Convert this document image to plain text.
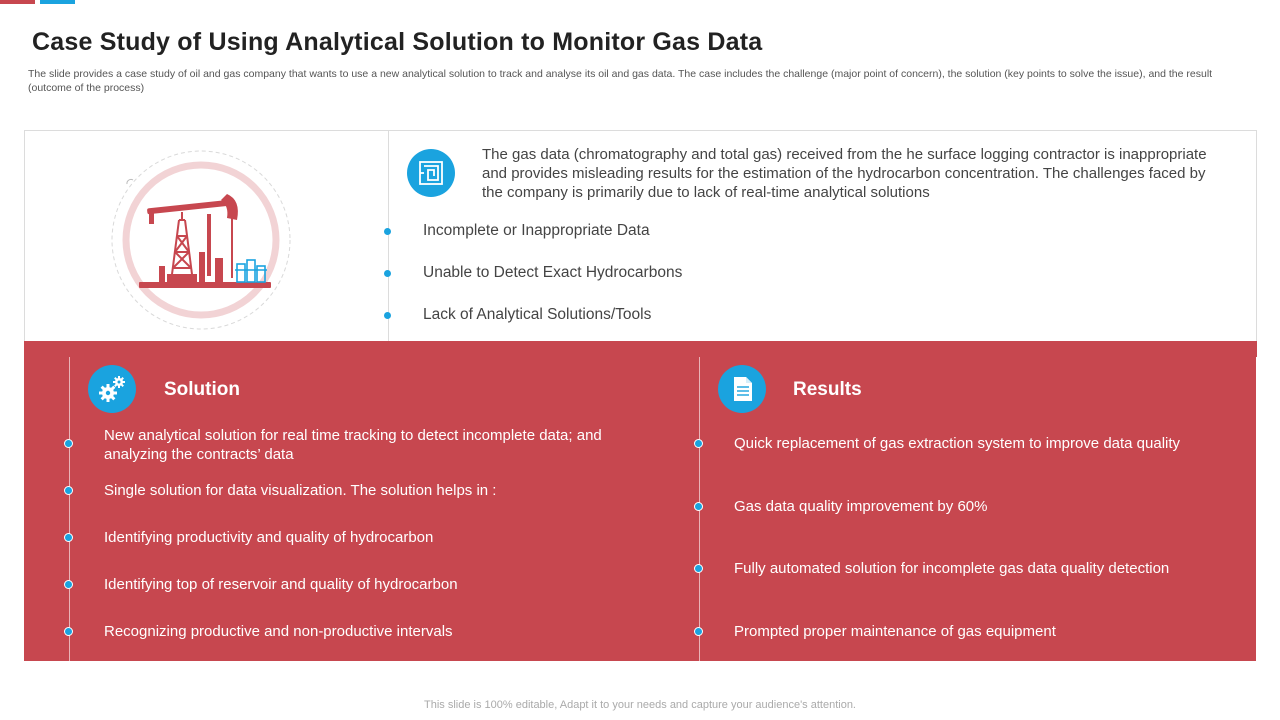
Case Study of Using Analytical Solution to Monitor Gas Data

The slide provides a case study of oil and gas company that wants to use a new analytical solution to track and analyse its oil and gas data. The case includes the challenge (major point of concern), the solution (key points to solve the issue), and the result (outcome of the process)

The gas data (chromatography and total gas) received from the he surface logging contractor is inappropriate and provides misleading results for the estimation of the hydrocarbon concentration. The challenges faced by the company is primarily due to lack of real-time analytical solutions

Incomplete or Inappropriate Data
Unable to Detect Exact Hydrocarbons
Lack of Analytical Solutions/Tools
Solution
New analytical solution for real time tracking to detect incomplete data; and analyzing the contracts’ data
Single solution for data visualization. The solution helps in :
Identifying productivity and quality of hydrocarbon
Identifying top of reservoir and quality of hydrocarbon
Recognizing productive and non-productive intervals
Results
Quick replacement of gas extraction system to improve data quality
Gas data quality improvement by 60%
Fully automated solution for incomplete gas data quality detection
Prompted proper maintenance of gas equipment

This slide is 100% editable, Adapt it to your needs and capture your audience's attention.
